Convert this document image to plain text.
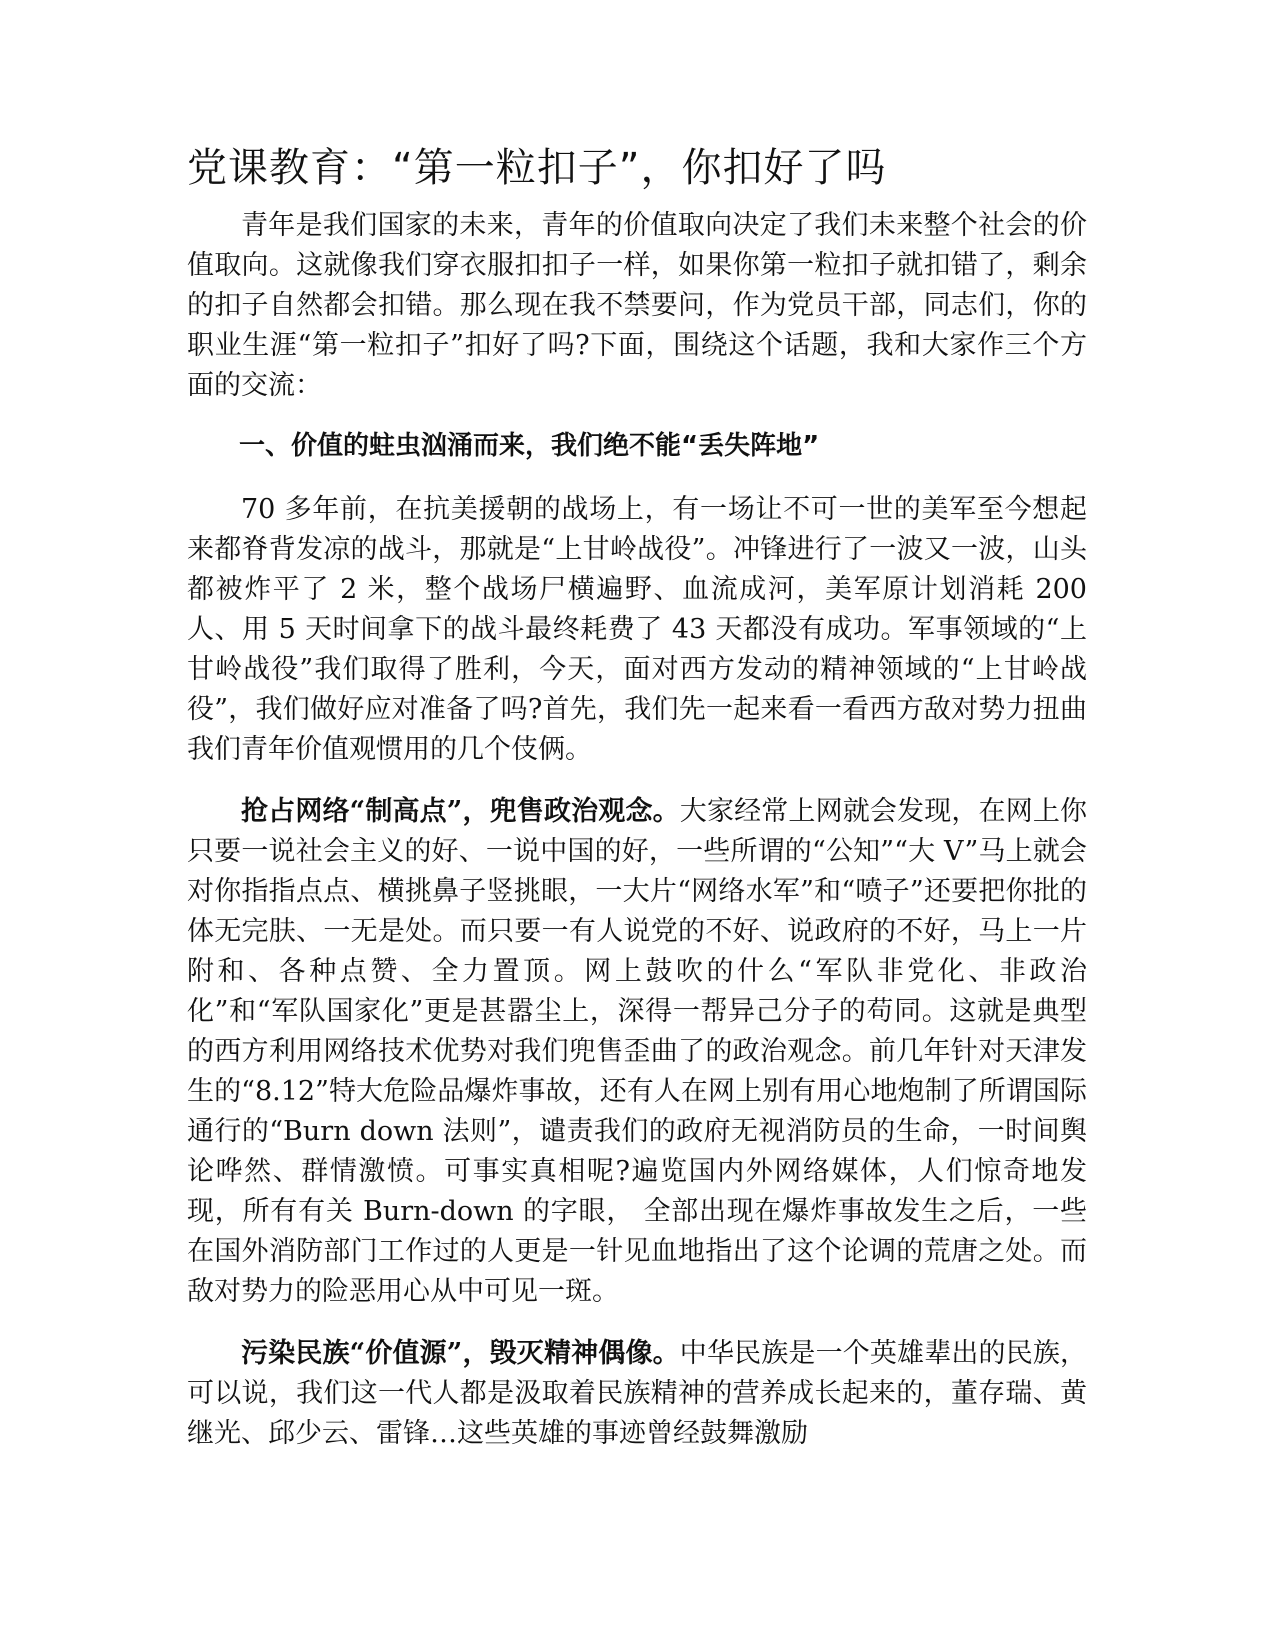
党课教育：“第一粒扣子”，你扣好了吗

青年是我们国家的未来，青年的价值取向决定了我们未来整个社会的价值取向。这就像我们穿衣服扣扣子一样，如果你第一粒扣子就扣错了，剩余的扣子自然都会扣错。那么现在我不禁要问，作为党员干部，同志们，你的职业生涯“第一粒扣子”扣好了吗?下面，围绕这个话题，我和大家作三个方面的交流：

一、价值的蛀虫汹涌而来，我们绝不能“丢失阵地”

70 多年前，在抗美援朝的战场上，有一场让不可一世的美军至今想起来都脊背发凉的战斗，那就是“上甘岭战役”。冲锋进行了一波又一波，山头都被炸平了 2 米，整个战场尸横遍野、血流成河，美军原计划消耗 200 人、用 5 天时间拿下的战斗最终耗费了 43 天都没有成功。军事领域的“上甘岭战役”我们取得了胜利，今天，面对西方发动的精神领域的“上甘岭战役”，我们做好应对准备了吗?首先，我们先一起来看一看西方敌对势力扭曲我们青年价值观惯用的几个伎俩。

抢占网络“制高点”，兜售政治观念。大家经常上网就会发现，在网上你只要一说社会主义的好、一说中国的好，一些所谓的“公知”“大 V”马上就会对你指指点点、横挑鼻子竖挑眼，一大片“网络水军”和“喷子”还要把你批的体无完肤、一无是处。而只要一有人说党的不好、说政府的不好，马上一片附和、各种点赞、全力置顶。网上鼓吹的什么“军队非党化、非政治化”和“军队国家化”更是甚嚣尘上，深得一帮异己分子的苟同。这就是典型的西方利用网络技术优势对我们兜售歪曲了的政治观念。前几年针对天津发生的“8.12”特大危险品爆炸事故，还有人在网上别有用心地炮制了所谓国际通行的“Burn down 法则”，谴责我们的政府无视消防员的生命，一时间舆论哗然、群情激愤。可事实真相呢?遍览国内外网络媒体，人们惊奇地发现，所有有关 Burn-down 的字眼， 全部出现在爆炸事故发生之后，一些在国外消防部门工作过的人更是一针见血地指出了这个论调的荒唐之处。而敌对势力的险恶用心从中可见一斑。

污染民族“价值源”，毁灭精神偶像。中华民族是一个英雄辈出的民族，可以说，我们这一代人都是汲取着民族精神的营养成长起来的，董存瑞、黄继光、邱少云、雷锋…这些英雄的事迹曾经鼓舞激励
